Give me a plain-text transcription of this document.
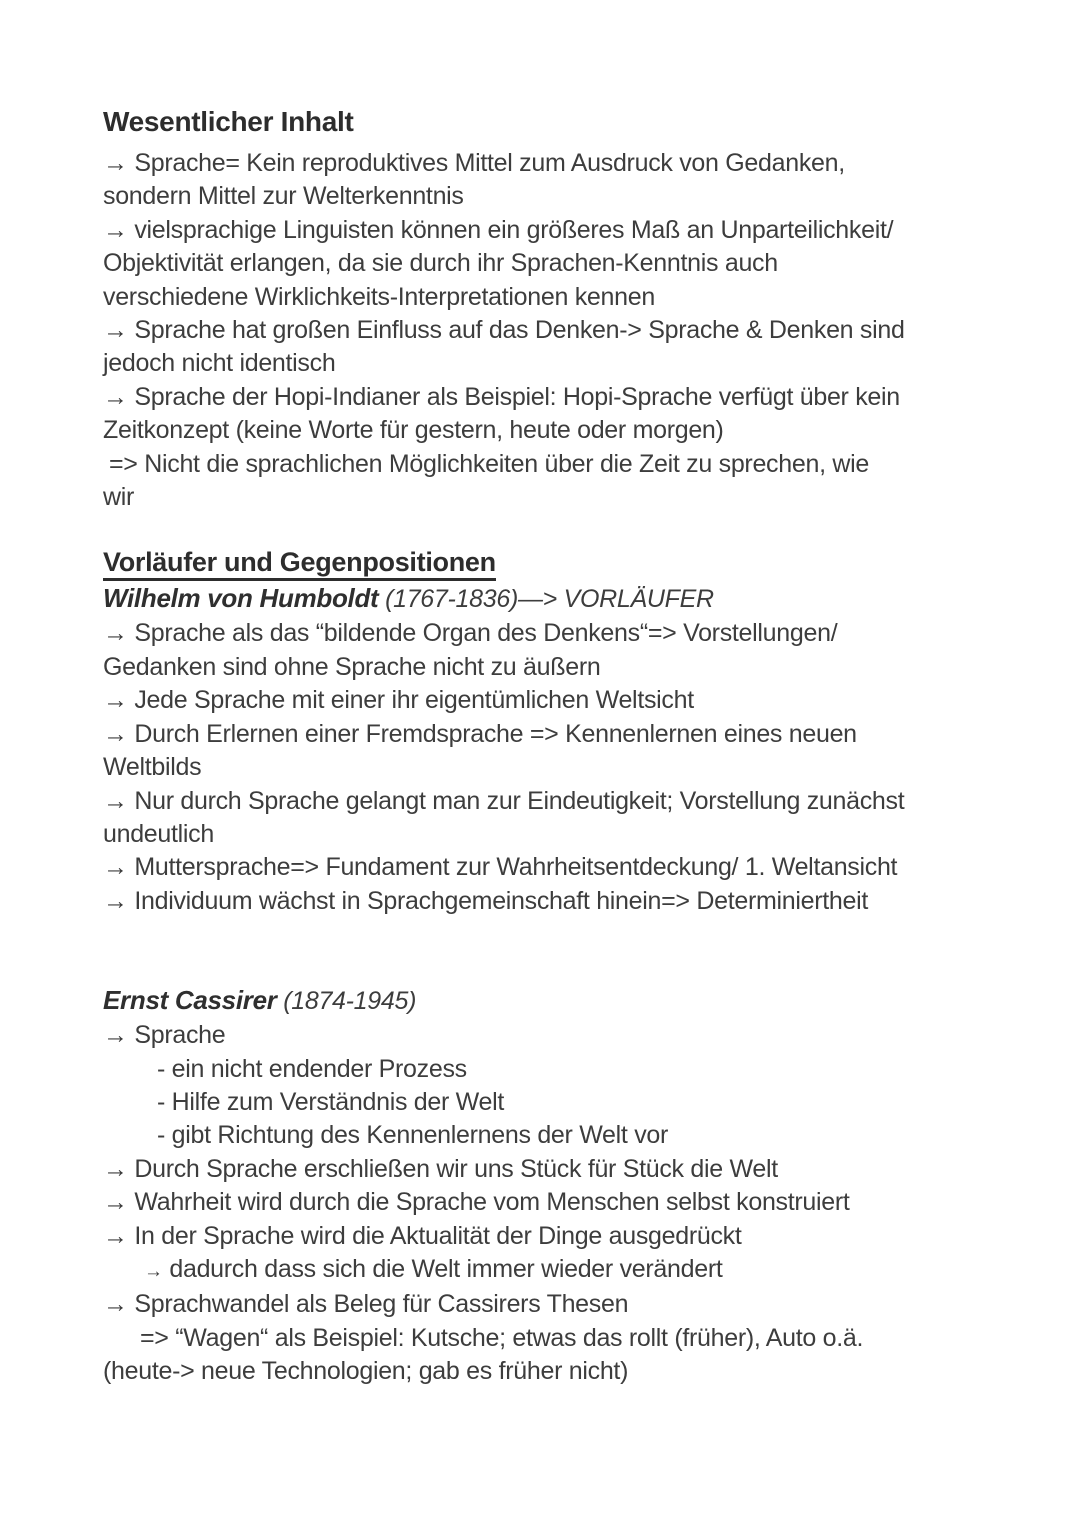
Wesentlicher Inhalt
→ Sprache= Kein reproduktives Mittel zum Ausdruck von Gedanken,
sondern Mittel zur Welterkenntnis
→ vielsprachige Linguisten können ein größeres Maß an Unparteilichkeit/
Objektivität erlangen, da sie durch ihr Sprachen-Kenntnis auch
verschiedene Wirklichkeits-Interpretationen kennen
→ Sprache hat großen Einfluss auf das Denken-> Sprache & Denken sind
jedoch nicht identisch
→ Sprache der Hopi-Indianer als Beispiel: Hopi-Sprache verfügt über kein
Zeitkonzept (keine Worte für gestern, heute oder morgen)
=> Nicht die sprachlichen Möglichkeiten über die Zeit zu sprechen, wie
wir
Vorläufer und Gegenpositionen
Wilhelm von Humboldt (1767-1836)—> VORLÄUFER
→ Sprache als das “bildende Organ des Denkens“=> Vorstellungen/
Gedanken sind ohne Sprache nicht zu äußern
→ Jede Sprache mit einer ihr eigentümlichen Weltsicht
→ Durch Erlernen einer Fremdsprache => Kennenlernen eines neuen
Weltbilds
→ Nur durch Sprache gelangt man zur Eindeutigkeit; Vorstellung zunächst
undeutlich
→ Muttersprache=> Fundament zur Wahrheitsentdeckung/ 1. Weltansicht
→ Individuum wächst in Sprachgemeinschaft hinein=> Determiniertheit
Ernst Cassirer (1874-1945)
→ Sprache
- ein nicht endender Prozess
- Hilfe zum Verständnis der Welt
- gibt Richtung des Kennenlernens der Welt vor
→ Durch Sprache erschließen wir uns Stück für Stück die Welt
→ Wahrheit wird durch die Sprache vom Menschen selbst konstruiert
→ In der Sprache wird die Aktualität der Dinge ausgedrückt
→ dadurch dass sich die Welt immer wieder verändert
→ Sprachwandel als Beleg für Cassirers Thesen
=> “Wagen“ als Beispiel: Kutsche; etwas das rollt (früher), Auto o.ä.
(heute-> neue Technologien; gab es früher nicht)
